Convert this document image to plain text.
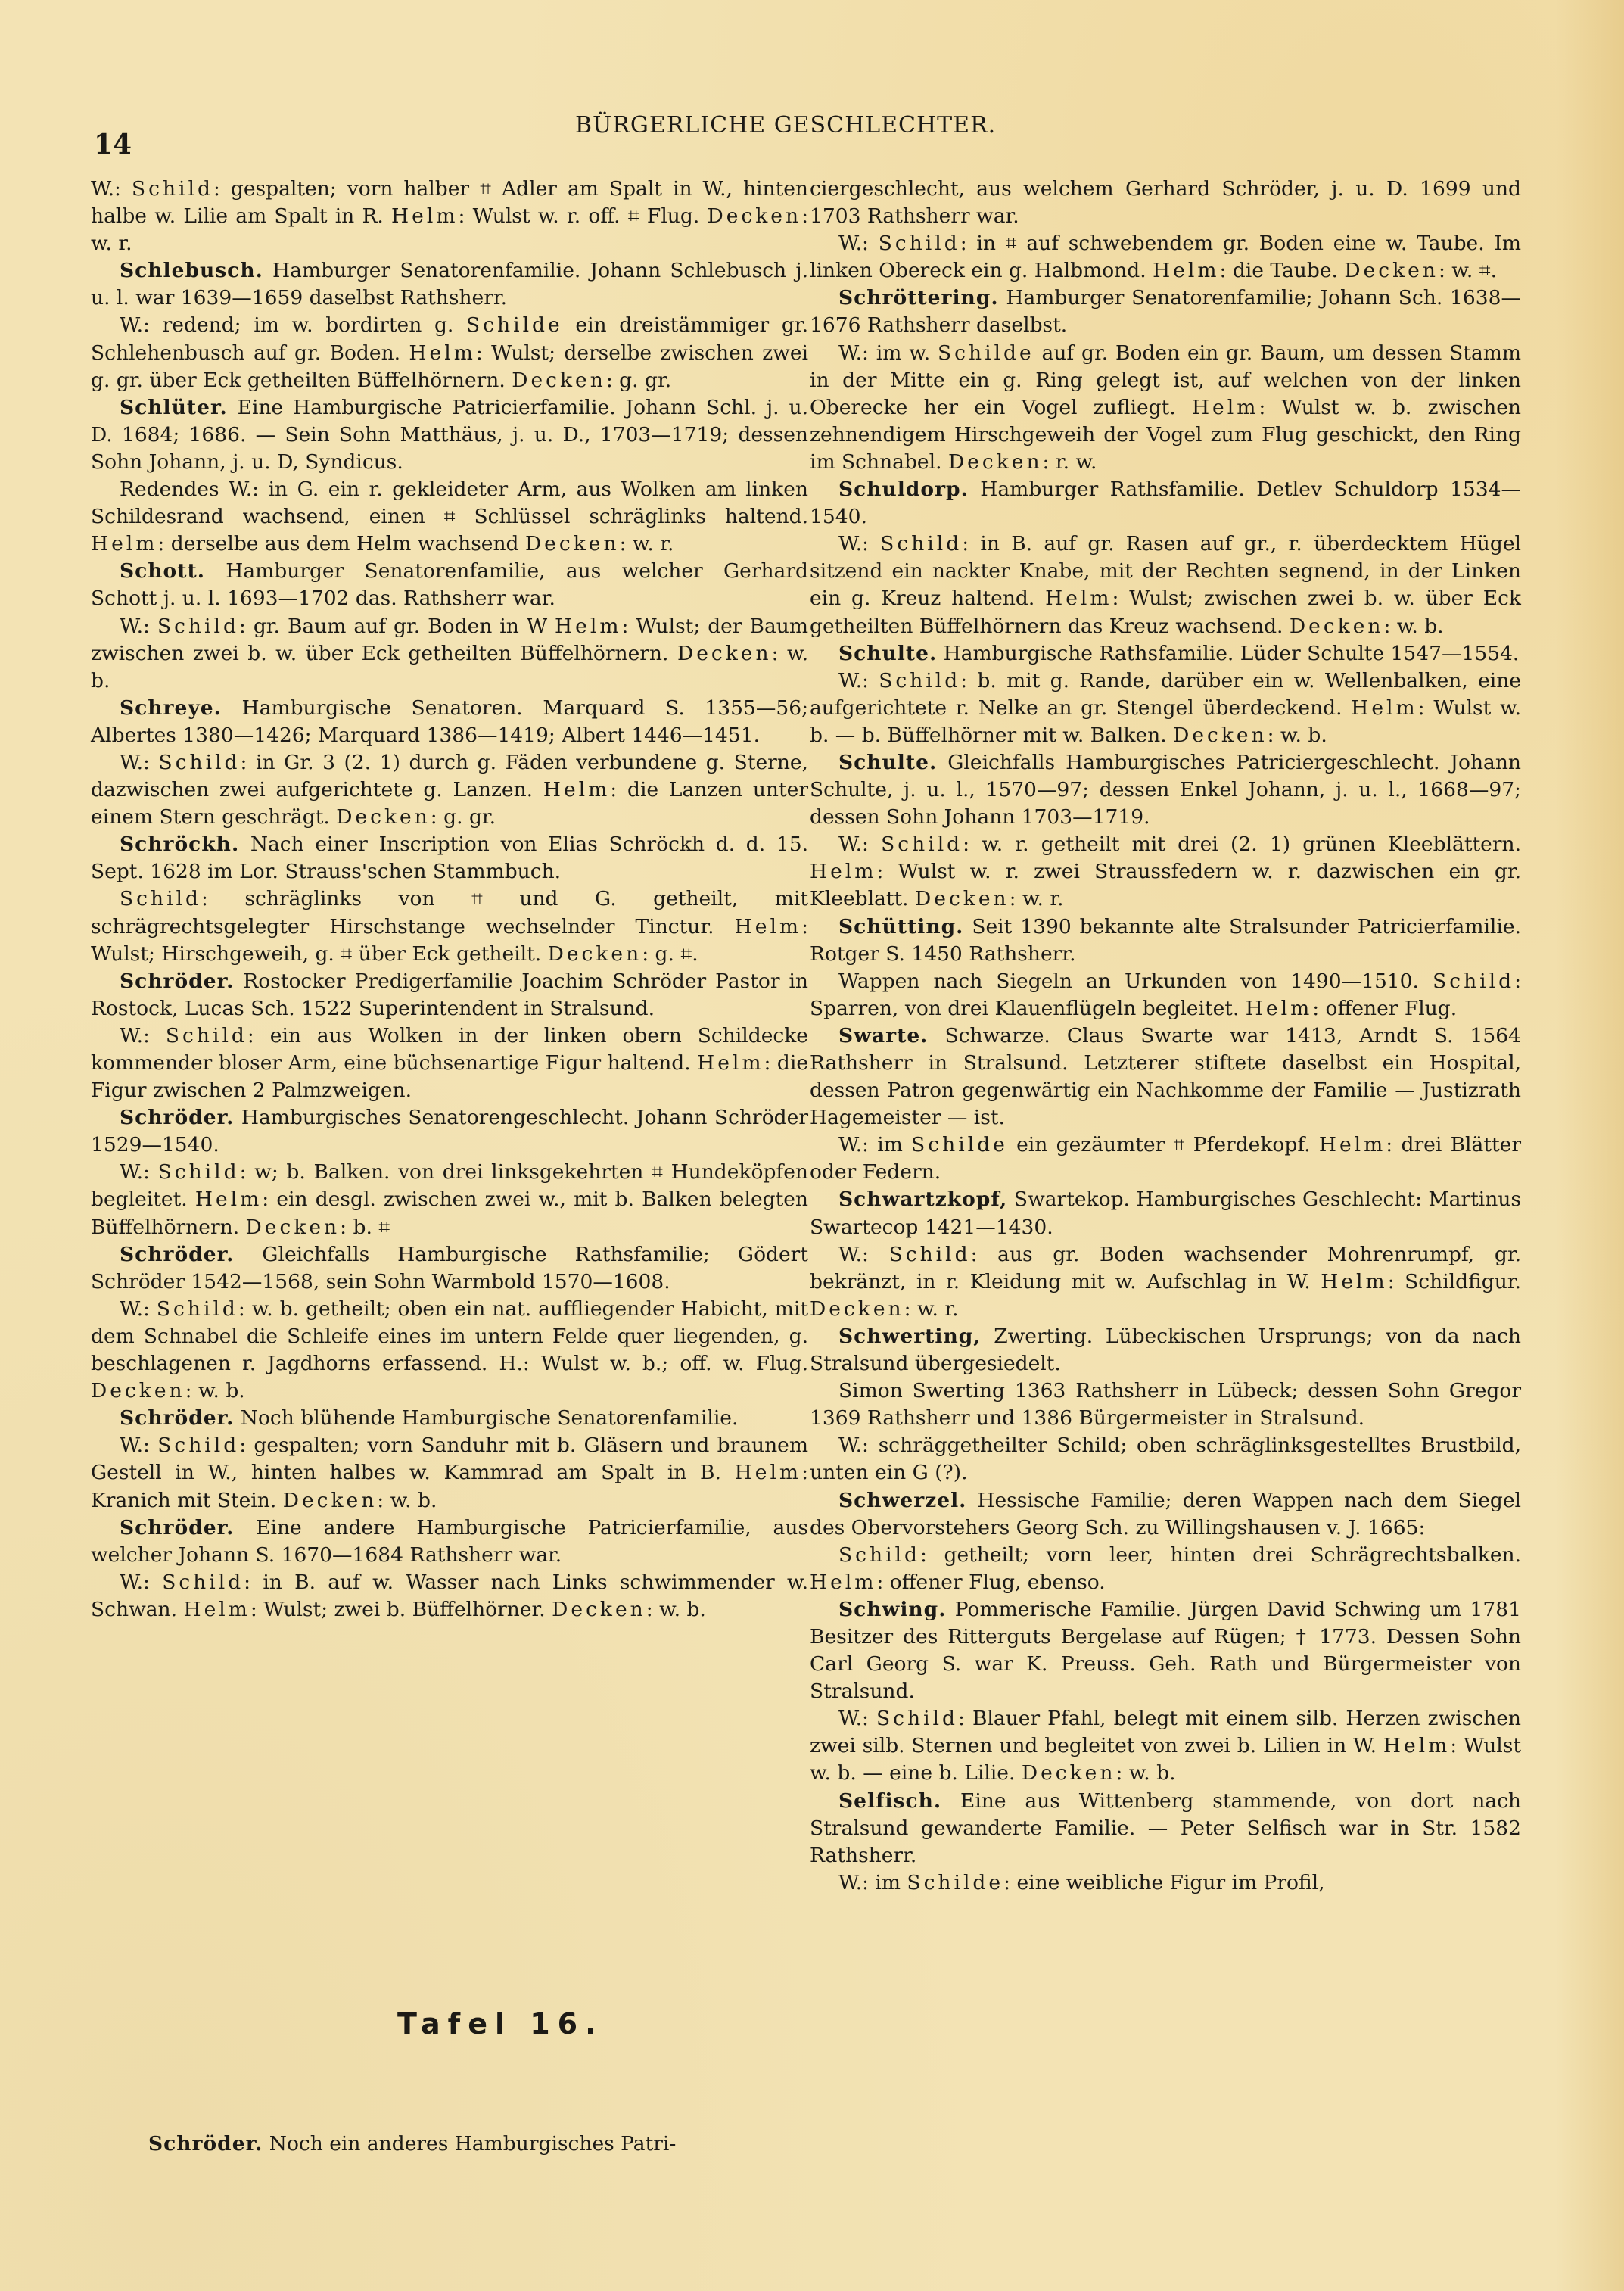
14
BÜRGERLICHE GESCHLECHTER.

W.: Schild: gespalten; vorn halber ⌗ Adler am Spalt in W., hinten halbe w. Lilie am Spalt in R. Helm: Wulst w. r. off. ⌗ Flug. Decken: w. r.

Schlebusch. Hamburger Senatorenfamilie. Johann Schlebusch j. u. l. war 1639—1659 daselbst Rathsherr.

W.: redend; im w. bordirten g. Schilde ein dreistämmiger gr. Schlehenbusch auf gr. Boden. Helm: Wulst; derselbe zwischen zwei g. gr. über Eck getheilten Büffelhörnern. Decken: g. gr.

Schlüter. Eine Hamburgische Patricierfamilie. Johann Schl. j. u. D. 1684; 1686. — Sein Sohn Matthäus, j. u. D., 1703—1719; dessen Sohn Johann, j. u. D, Syndicus.

Redendes W.: in G. ein r. gekleideter Arm, aus Wolken am linken Schildesrand wachsend, einen ⌗ Schlüssel schräglinks haltend. Helm: derselbe aus dem Helm wachsend Decken: w. r.

Schott. Hamburger Senatorenfamilie, aus welcher Gerhard Schott j. u. l. 1693—1702 das. Rathsherr war.

W.: Schild: gr. Baum auf gr. Boden in W Helm: Wulst; der Baum zwischen zwei b. w. über Eck getheilten Büffelhörnern. Decken: w. b.

Schreye. Hamburgische Senatoren. Marquard S. 1355—56; Albertes 1380—1426; Marquard 1386—1419; Albert 1446—1451.

W.: Schild: in Gr. 3 (2. 1) durch g. Fäden verbundene g. Sterne, dazwischen zwei aufgerichtete g. Lanzen. Helm: die Lanzen unter einem Stern geschrägt. Decken: g. gr.

Schröckh. Nach einer Inscription von Elias Schröckh d. d. 15. Sept. 1628 im Lor. Strauss'schen Stammbuch.

Schild: schräglinks von ⌗ und G. getheilt, mit schrägrechtsgelegter Hirschstange wechselnder Tinctur. Helm: Wulst; Hirschgeweih, g. ⌗ über Eck getheilt. Decken: g. ⌗.

Schröder. Rostocker Predigerfamilie Joachim Schröder Pastor in Rostock, Lucas Sch. 1522 Superintendent in Stralsund.

W.: Schild: ein aus Wolken in der linken obern Schildecke kommender bloser Arm, eine büchsenartige Figur haltend. Helm: die Figur zwischen 2 Palmzweigen.

Schröder. Hamburgisches Senatorengeschlecht. Johann Schröder 1529—1540.

W.: Schild: w; b. Balken. von drei linksgekehrten ⌗ Hundeköpfen begleitet. Helm: ein desgl. zwischen zwei w., mit b. Balken belegten Büffelhörnern. Decken: b. ⌗

Schröder. Gleichfalls Hamburgische Rathsfamilie; Gödert Schröder 1542—1568, sein Sohn Warmbold 1570—1608.

W.: Schild: w. b. getheilt; oben ein nat. auffliegender Habicht, mit dem Schnabel die Schleife eines im untern Felde quer liegenden, g. beschlagenen r. Jagdhorns erfassend. H.: Wulst w. b.; off. w. Flug. Decken: w. b.

Schröder. Noch blühende Hamburgische Senatorenfamilie.

W.: Schild: gespalten; vorn Sanduhr mit b. Gläsern und braunem Gestell in W., hinten halbes w. Kammrad am Spalt in B. Helm: Kranich mit Stein. Decken: w. b.

Schröder. Eine andere Hamburgische Patricierfamilie, aus welcher Johann S. 1670—1684 Rathsherr war.

W.: Schild: in B. auf w. Wasser nach Links schwimmender w. Schwan. Helm: Wulst; zwei b. Büffelhörner. Decken: w. b.

ciergeschlecht, aus welchem Gerhard Schröder, j. u. D. 1699 und 1703 Rathsherr war.

W.: Schild: in ⌗ auf schwebendem gr. Boden eine w. Taube. Im linken Obereck ein g. Halbmond. Helm: die Taube. Decken: w. ⌗.

Schröttering. Hamburger Senatorenfamilie; Johann Sch. 1638—1676 Rathsherr daselbst.

W.: im w. Schilde auf gr. Boden ein gr. Baum, um dessen Stamm in der Mitte ein g. Ring gelegt ist, auf welchen von der linken Oberecke her ein Vogel zufliegt. Helm: Wulst w. b. zwischen zehnendigem Hirschgeweih der Vogel zum Flug geschickt, den Ring im Schnabel. Decken: r. w.

Schuldorp. Hamburger Rathsfamilie. Detlev Schuldorp 1534—1540.

W.: Schild: in B. auf gr. Rasen auf gr., r. überdecktem Hügel sitzend ein nackter Knabe, mit der Rechten segnend, in der Linken ein g. Kreuz haltend. Helm: Wulst; zwischen zwei b. w. über Eck getheilten Büffelhörnern das Kreuz wachsend. Decken: w. b.

Schulte. Hamburgische Rathsfamilie. Lüder Schulte 1547—1554.

W.: Schild: b. mit g. Rande, darüber ein w. Wellenbalken, eine aufgerichtete r. Nelke an gr. Stengel überdeckend. Helm: Wulst w. b. — b. Büffelhörner mit w. Balken. Decken: w. b.

Schulte. Gleichfalls Hamburgisches Patriciergeschlecht. Johann Schulte, j. u. l., 1570—97; dessen Enkel Johann, j. u. l., 1668—97; dessen Sohn Johann 1703—1719.

W.: Schild: w. r. getheilt mit drei (2. 1) grünen Kleeblättern. Helm: Wulst w. r. zwei Straussfedern w. r. dazwischen ein gr. Kleeblatt. Decken: w. r.

Schütting. Seit 1390 bekannte alte Stralsunder Patricierfamilie. Rotger S. 1450 Rathsherr.

Wappen nach Siegeln an Urkunden von 1490—1510. Schild: Sparren, von drei Klauenflügeln begleitet. Helm: offener Flug.

Swarte. Schwarze. Claus Swarte war 1413, Arndt S. 1564 Rathsherr in Stralsund. Letzterer stiftete daselbst ein Hospital, dessen Patron gegenwärtig ein Nachkomme der Familie — Justizrath Hagemeister — ist.

W.: im Schilde ein gezäumter ⌗ Pferdekopf. Helm: drei Blätter oder Federn.

Schwartzkopf, Swartekop. Hamburgisches Geschlecht: Martinus Swartecop 1421—1430.

W.: Schild: aus gr. Boden wachsender Mohrenrumpf, gr. bekränzt, in r. Kleidung mit w. Aufschlag in W. Helm: Schildfigur. Decken: w. r.

Schwerting, Zwerting. Lübeckischen Ursprungs; von da nach Stralsund übergesiedelt.

Simon Swerting 1363 Rathsherr in Lübeck; dessen Sohn Gregor 1369 Rathsherr und 1386 Bürgermeister in Stralsund.

W.: schräggetheilter Schild; oben schräglinksgestelltes Brustbild, unten ein G (?).

Schwerzel. Hessische Familie; deren Wappen nach dem Siegel des Obervorstehers Georg Sch. zu Willingshausen v. J. 1665:

Schild: getheilt; vorn leer, hinten drei Schrägrechtsbalken. Helm: offener Flug, ebenso.

Schwing. Pommerische Familie. Jürgen David Schwing um 1781 Besitzer des Ritterguts Bergelase auf Rügen; † 1773. Dessen Sohn Carl Georg S. war K. Preuss. Geh. Rath und Bürgermeister von Stralsund.

W.: Schild: Blauer Pfahl, belegt mit einem silb. Herzen zwischen zwei silb. Sternen und begleitet von zwei b. Lilien in W. Helm: Wulst w. b. — eine b. Lilie. Decken: w. b.

Selfisch. Eine aus Wittenberg stammende, von dort nach Stralsund gewanderte Familie. — Peter Selfisch war in Str. 1582 Rathsherr.

W.: im Schilde: eine weibliche Figur im Profil,

Tafel 16.
Schröder. Noch ein anderes Hamburgisches Patri-
